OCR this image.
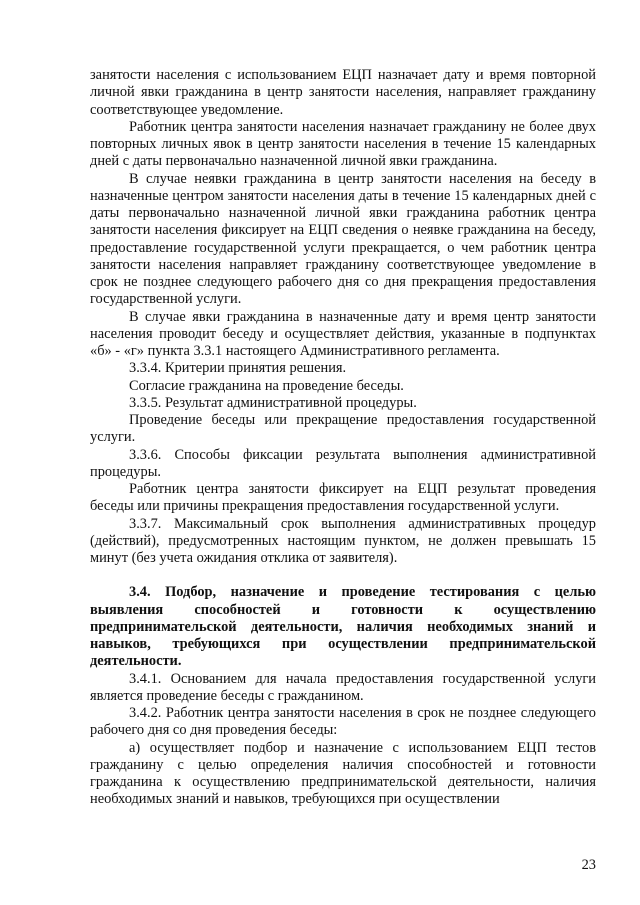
занятости населения с использованием ЕЦП назначает дату и время повторной личной явки гражданина в центр занятости населения, направляет гражданину соответствующее уведомление.

Работник центра занятости населения назначает гражданину не более двух повторных личных явок в центр занятости населения в течение 15 календарных дней с даты первоначально назначенной личной явки гражданина.

В случае неявки гражданина в центр занятости населения на беседу в назначенные центром занятости населения даты в течение 15 календарных дней с даты первоначально назначенной личной явки гражданина работник центра занятости населения фиксирует на ЕЦП сведения о неявке гражданина на беседу, предоставление государственной услуги прекращается, о чем работник центра занятости населения направляет гражданину соответствующее уведомление в срок не позднее следующего рабочего дня со дня прекращения предоставления государственной услуги.

В случае явки гражданина в назначенные дату и время центр занятости населения проводит беседу и осуществляет действия, указанные в подпунктах «б» - «г» пункта 3.3.1 настоящего Административного регламента.

3.3.4. Критерии принятия решения.

Согласие гражданина на проведение беседы.

3.3.5. Результат административной процедуры.

Проведение беседы или прекращение предоставления государственной услуги.

3.3.6. Способы фиксации результата выполнения административной процедуры.

Работник центра занятости фиксирует на ЕЦП результат проведения беседы или причины прекращения предоставления государственной услуги.

3.3.7. Максимальный срок выполнения административных процедур (действий), предусмотренных настоящим пунктом, не должен превышать 15 минут (без учета ожидания отклика от заявителя).

3.4. Подбор, назначение и проведение тестирования с целью выявления способностей и готовности к осуществлению предпринимательской деятельности, наличия необходимых знаний и навыков, требующихся при осуществлении предпринимательской деятельности.

3.4.1. Основанием для начала предоставления государственной услуги является проведение беседы с гражданином.

3.4.2. Работник центра занятости населения в срок не позднее следующего рабочего дня со дня проведения беседы:

а) осуществляет подбор и назначение с использованием ЕЦП тестов гражданину с целью определения наличия способностей и готовности гражданина к осуществлению предпринимательской деятельности, наличия необходимых знаний и навыков, требующихся при осуществлении

23
